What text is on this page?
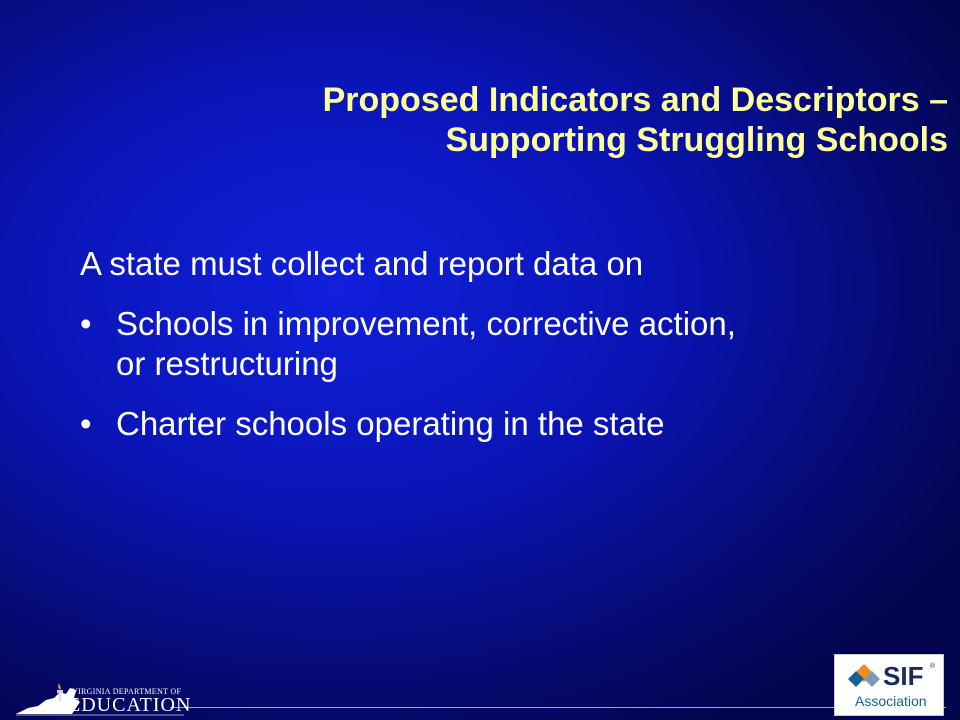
Proposed Indicators and Descriptors –
Supporting Struggling Schools

A state must collect and report data on

• Schools in improvement, corrective action,
or restructuring
• Charter schools operating in the state
VIRGINIA DEPARTMENT OF
EDUCATION
SIF ®
Association
